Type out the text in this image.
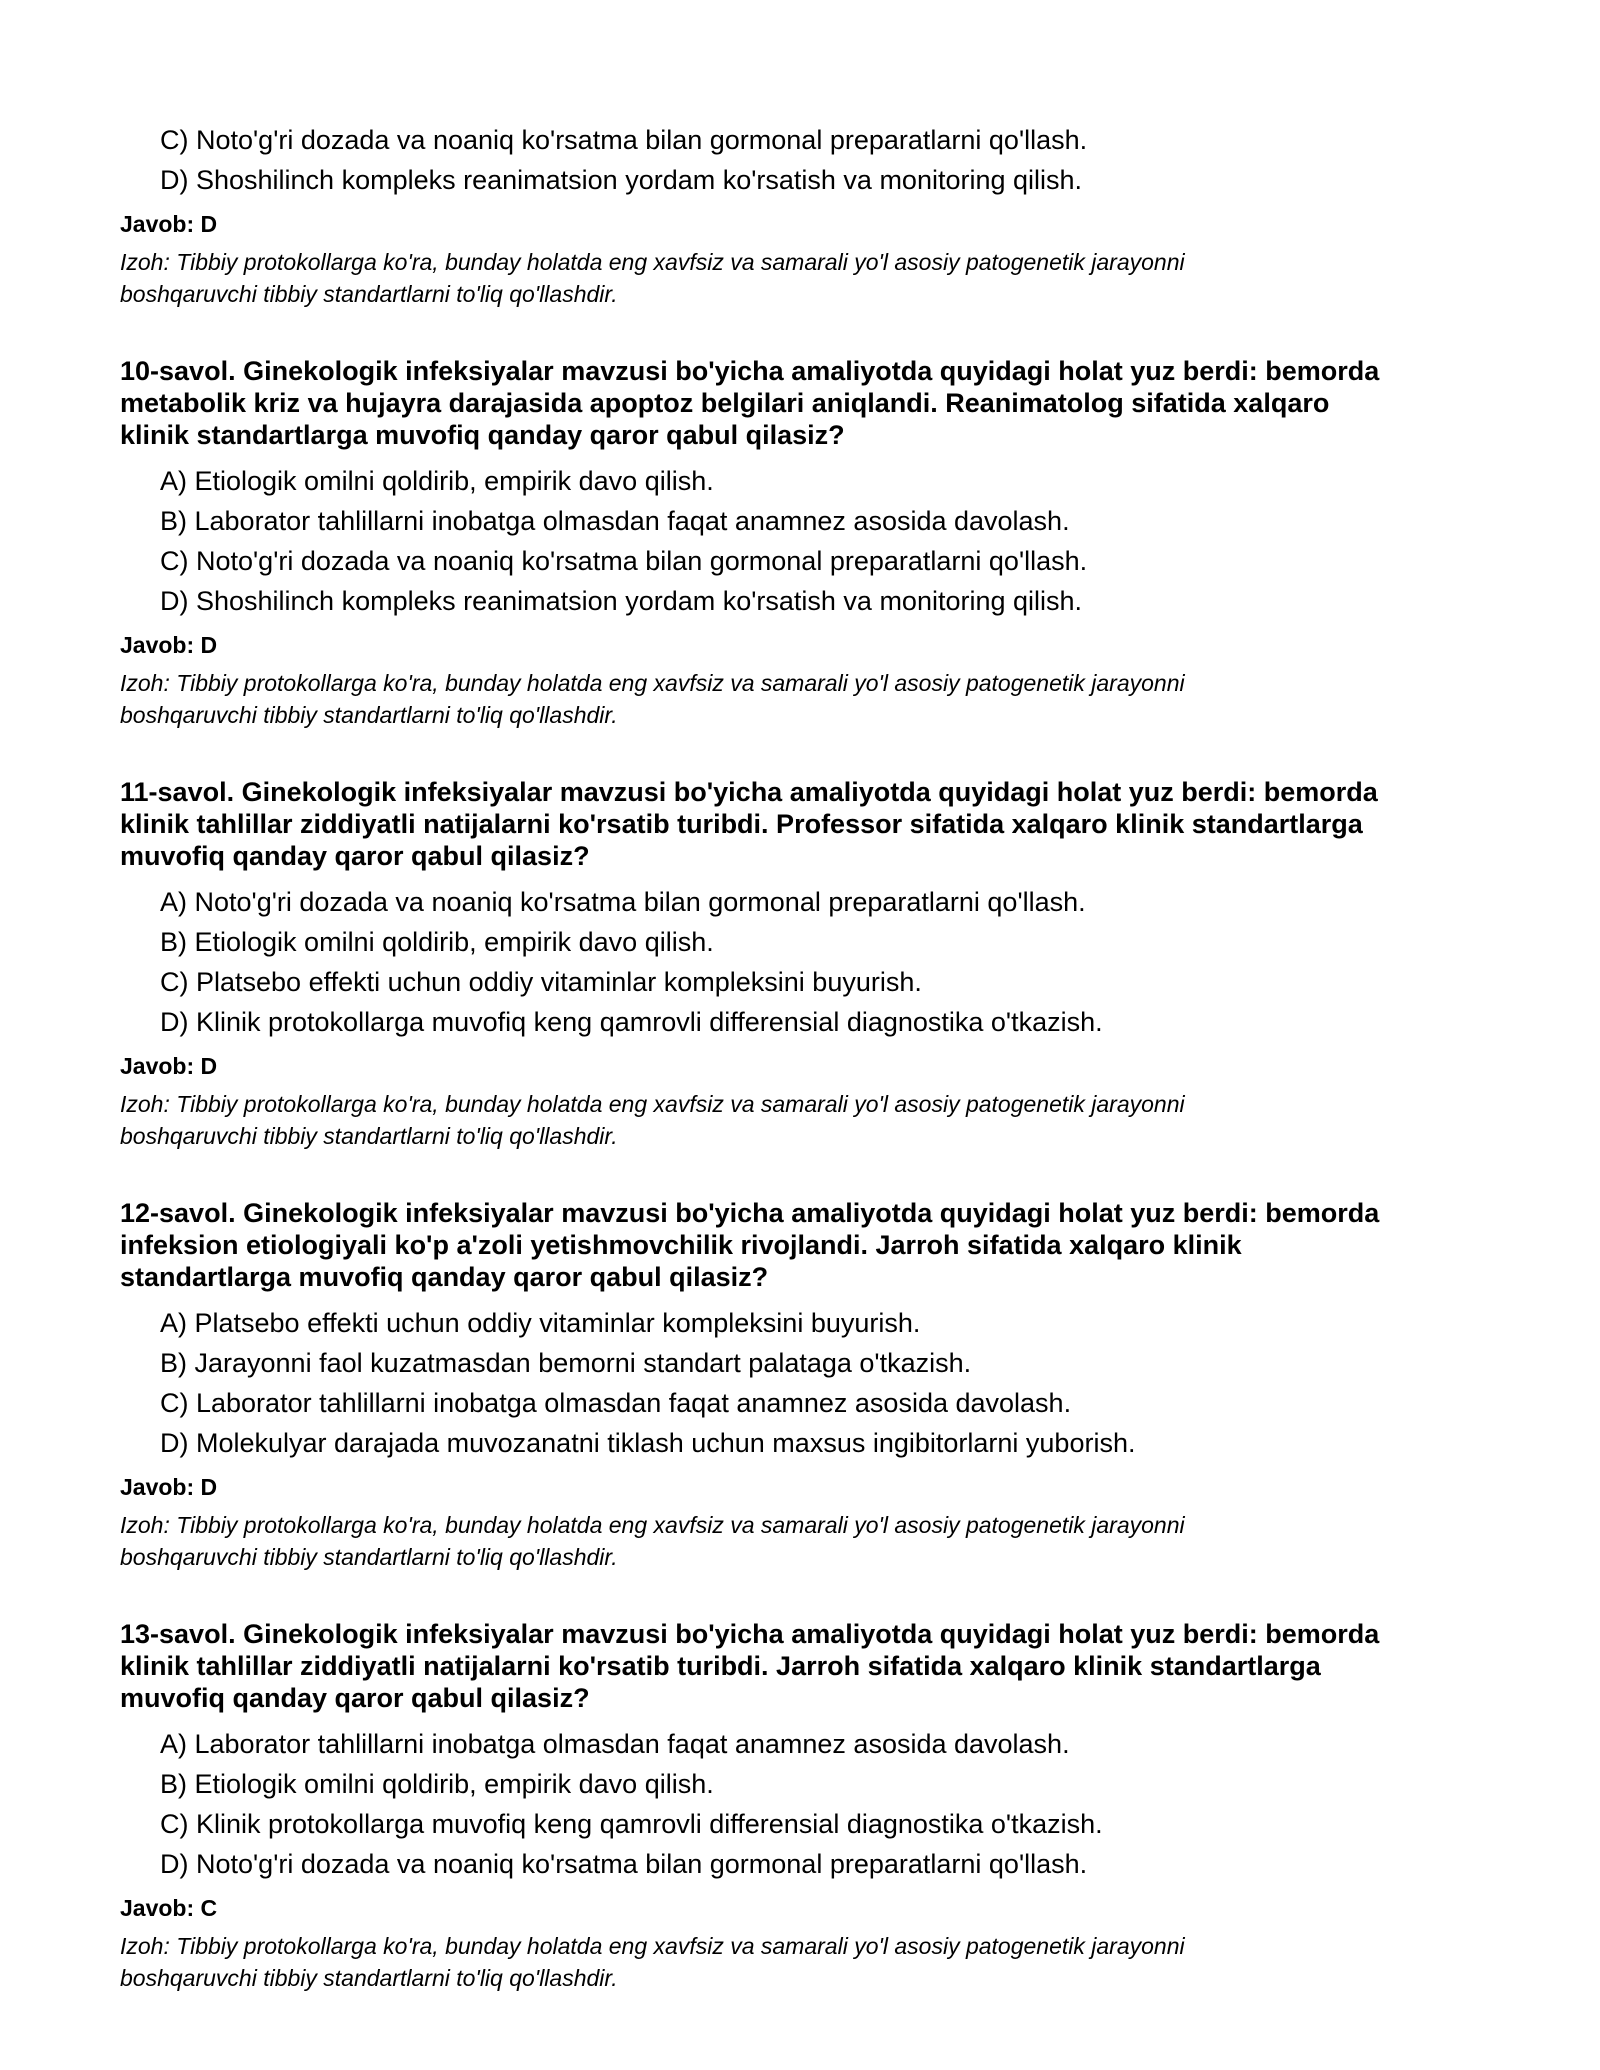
C) Noto'g'ri dozada va noaniq ko'rsatma bilan gormonal preparatlarni qo'llash.
D) Shoshilinch kompleks reanimatsion yordam ko'rsatish va monitoring qilish.
Javob: D
Izoh: Tibbiy protokollarga ko'ra, bunday holatda eng xavfsiz va samarali yo'l asosiy patogenetik jarayonni
boshqaruvchi tibbiy standartlarni to'liq qo'llashdir.
10-savol. Ginekologik infeksiyalar mavzusi bo'yicha amaliyotda quyidagi holat yuz berdi: bemorda
metabolik kriz va hujayra darajasida apoptoz belgilari aniqlandi. Reanimatolog sifatida xalqaro
klinik standartlarga muvofiq qanday qaror qabul qilasiz?
A) Etiologik omilni qoldirib, empirik davo qilish.
B) Laborator tahlillarni inobatga olmasdan faqat anamnez asosida davolash.
C) Noto'g'ri dozada va noaniq ko'rsatma bilan gormonal preparatlarni qo'llash.
D) Shoshilinch kompleks reanimatsion yordam ko'rsatish va monitoring qilish.
Javob: D
Izoh: Tibbiy protokollarga ko'ra, bunday holatda eng xavfsiz va samarali yo'l asosiy patogenetik jarayonni
boshqaruvchi tibbiy standartlarni to'liq qo'llashdir.
11-savol. Ginekologik infeksiyalar mavzusi bo'yicha amaliyotda quyidagi holat yuz berdi: bemorda
klinik tahlillar ziddiyatli natijalarni ko'rsatib turibdi. Professor sifatida xalqaro klinik standartlarga
muvofiq qanday qaror qabul qilasiz?
A) Noto'g'ri dozada va noaniq ko'rsatma bilan gormonal preparatlarni qo'llash.
B) Etiologik omilni qoldirib, empirik davo qilish.
C) Platsebo effekti uchun oddiy vitaminlar kompleksini buyurish.
D) Klinik protokollarga muvofiq keng qamrovli differensial diagnostika o'tkazish.
Javob: D
Izoh: Tibbiy protokollarga ko'ra, bunday holatda eng xavfsiz va samarali yo'l asosiy patogenetik jarayonni
boshqaruvchi tibbiy standartlarni to'liq qo'llashdir.
12-savol. Ginekologik infeksiyalar mavzusi bo'yicha amaliyotda quyidagi holat yuz berdi: bemorda
infeksion etiologiyali ko'p a'zoli yetishmovchilik rivojlandi. Jarroh sifatida xalqaro klinik
standartlarga muvofiq qanday qaror qabul qilasiz?
A) Platsebo effekti uchun oddiy vitaminlar kompleksini buyurish.
B) Jarayonni faol kuzatmasdan bemorni standart palataga o'tkazish.
C) Laborator tahlillarni inobatga olmasdan faqat anamnez asosida davolash.
D) Molekulyar darajada muvozanatni tiklash uchun maxsus ingibitorlarni yuborish.
Javob: D
Izoh: Tibbiy protokollarga ko'ra, bunday holatda eng xavfsiz va samarali yo'l asosiy patogenetik jarayonni
boshqaruvchi tibbiy standartlarni to'liq qo'llashdir.
13-savol. Ginekologik infeksiyalar mavzusi bo'yicha amaliyotda quyidagi holat yuz berdi: bemorda
klinik tahlillar ziddiyatli natijalarni ko'rsatib turibdi. Jarroh sifatida xalqaro klinik standartlarga
muvofiq qanday qaror qabul qilasiz?
A) Laborator tahlillarni inobatga olmasdan faqat anamnez asosida davolash.
B) Etiologik omilni qoldirib, empirik davo qilish.
C) Klinik protokollarga muvofiq keng qamrovli differensial diagnostika o'tkazish.
D) Noto'g'ri dozada va noaniq ko'rsatma bilan gormonal preparatlarni qo'llash.
Javob: C
Izoh: Tibbiy protokollarga ko'ra, bunday holatda eng xavfsiz va samarali yo'l asosiy patogenetik jarayonni
boshqaruvchi tibbiy standartlarni to'liq qo'llashdir.
